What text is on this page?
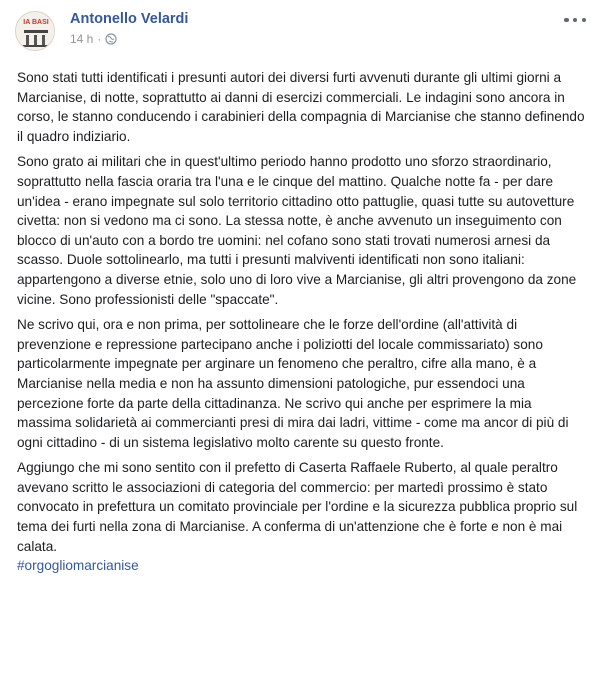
IA BASI Antonello Velardi
14 h ·

Sono stati tutti identificati i presunti autori dei diversi furti avvenuti durante gli ultimi giorni a Marcianise, di notte, soprattutto ai danni di esercizi commerciali. Le indagini sono ancora in corso, le stanno conducendo i carabinieri della compagnia di Marcianise che stanno definendo il quadro indiziario.

Sono grato ai militari che in quest'ultimo periodo hanno prodotto uno sforzo straordinario, soprattutto nella fascia oraria tra l'una e le cinque del mattino. Qualche notte fa - per dare un'idea - erano impegnate sul solo territorio cittadino otto pattuglie, quasi tutte su autovetture civetta: non si vedono ma ci sono. La stessa notte, è anche avvenuto un inseguimento con blocco di un'auto con a bordo tre uomini: nel cofano sono stati trovati numerosi arnesi da scasso. Duole sottolinearlo, ma tutti i presunti malviventi identificati non sono italiani: appartengono a diverse etnie, solo uno di loro vive a Marcianise, gli altri provengono da zone vicine. Sono professionisti delle "spaccate".

Ne scrivo qui, ora e non prima, per sottolineare che le forze dell'ordine (all'attività di prevenzione e repressione partecipano anche i poliziotti del locale commissariato) sono particolarmente impegnate per arginare un fenomeno che peraltro, cifre alla mano, è a Marcianise nella media e non ha assunto dimensioni patologiche, pur essendoci una percezione forte da parte della cittadinanza. Ne scrivo qui anche per esprimere la mia massima solidarietà ai commercianti presi di mira dai ladri, vittime - come ma ancor di più di ogni cittadino - di un sistema legislativo molto carente su questo fronte.

Aggiungo che mi sono sentito con il prefetto di Caserta Raffaele Ruberto, al quale peraltro avevano scritto le associazioni di categoria del commercio: per martedì prossimo è stato convocato in prefettura un comitato provinciale per l'ordine e la sicurezza pubblica proprio sul tema dei furti nella zona di Marcianise. A conferma di un'attenzione che è forte e non è mai calata.

#orgogliomarcianise
